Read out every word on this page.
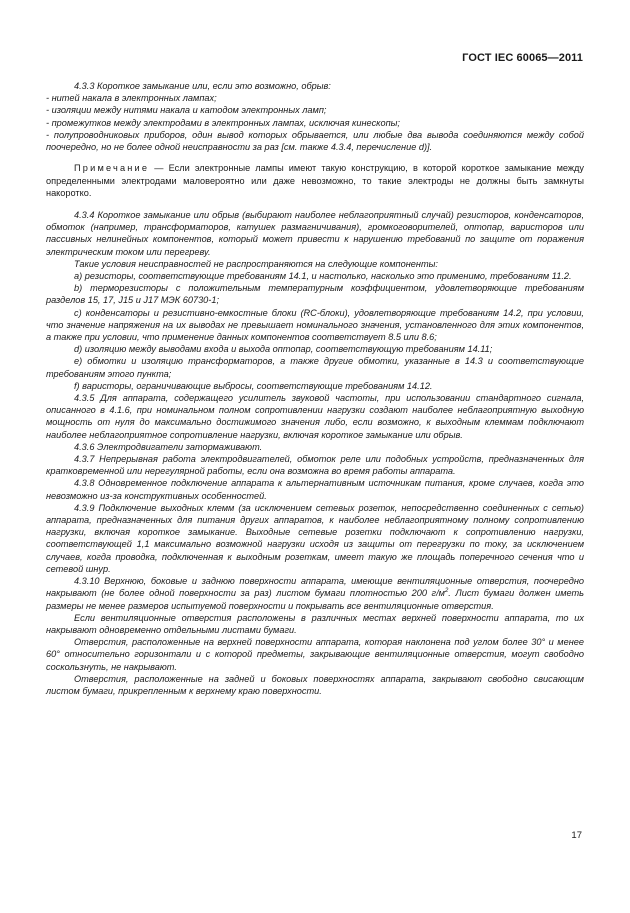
ГОСТ IEC 60065—2011

4.3.3 Короткое замыкание или, если это возможно, обрыв:

- нитей накала в электронных лампах;

- изоляции между нитями накала и катодом электронных ламп;

- промежутков между электродами в электронных лампах, исключая кинескопы;

- полупроводниковых приборов, один вывод которых обрывается, или любые два вывода соединяются между собой поочередно, но не более одной неисправности за раз [см. также 4.3.4, перечисление d)].

Примечание — Если электронные лампы имеют такую конструкцию, в которой короткое замыкание между определенными электродами маловероятно или даже невозможно, то такие электроды не должны быть замкнуты накоротко.

4.3.4 Короткое замыкание или обрыв (выбирают наиболее неблагоприятный случай) резисторов, конденсаторов, обмоток (например, трансформаторов, катушек размагничивания), громкоговорителей, оптопар, варисторов или пассивных нелинейных компонентов, который может привести к нарушению требований по защите от поражения электрическим током или перегреву.

Такие условия неисправностей не распространяются на следующие компоненты:

а) резисторы, соответствующие требованиям 14.1, и настолько, насколько это применимо, требованиям 11.2.

b) терморезисторы с положительным температурным коэффициентом, удовлетворяющие требованиям разделов 15, 17, J15 и J17 МЭК 60730-1;

c) конденсаторы и резистивно-емкостные блоки (RC-блоки), удовлетворяющие требованиям 14.2, при условии, что значение напряжения на их выводах не превышает номинального значения, установленного для этих компонентов, а также при условии, что применение данных компонентов соответствует 8.5 или 8.6;

d) изоляцию между выводами входа и выхода оптопар, соответствующую требованиям 14.11;

e) обмотки и изоляцию трансформаторов, а также другие обмотки, указанные в 14.3 и соответствующие требованиям этого пункта;

f) варисторы, ограничивающие выбросы, соответствующие требованиям 14.12.

4.3.5 Для аппарата, содержащего усилитель звуковой частоты, при использовании стандартного сигнала, описанного в 4.1.6, при номинальном полном сопротивлении нагрузки создают наиболее неблагоприятную выходную мощность от нуля до максимально достижимого значения либо, если возможно, к выходным клеммам подключают наиболее неблагоприятное сопротивление нагрузки, включая короткое замыкание или обрыв.

4.3.6 Электродвигатели затормаживают.

4.3.7 Непрерывная работа электродвигателей, обмоток реле или подобных устройств, предназначенных для кратковременной или нерегулярной работы, если она возможна во время работы аппарата.

4.3.8 Одновременное подключение аппарата к альтернативным источникам питания, кроме случаев, когда это невозможно из-за конструктивных особенностей.

4.3.9 Подключение выходных клемм (за исключением сетевых розеток, непосредственно соединенных с сетью) аппарата, предназначенных для питания других аппаратов, к наиболее неблагоприятному полному сопротивлению нагрузки, включая короткое замыкание. Выходные сетевые розетки подключают к сопротивлению нагрузки, соответствующей 1,1 максимально возможной нагрузки исходя из защиты от перегрузки по току, за исключением случаев, когда проводка, подключенная к выходным розеткам, имеет такую же площадь поперечного сечения что и сетевой шнур.

4.3.10 Верхнюю, боковые и заднюю поверхности аппарата, имеющие вентиляционные отверстия, поочередно накрывают (не более одной поверхности за раз) листом бумаги плотностью 200 $г/м^2$. Лист бумаги должен иметь размеры не менее размеров испытуемой поверхности и покрывать все вентиляционные отверстия.

Если вентиляционные отверстия расположены в различных местах верхней поверхности аппарата, то их накрывают одновременно отдельными листами бумаги.

Отверстия, расположенные на верхней поверхности аппарата, которая наклонена под углом более 30° и менее 60° относительно горизонтали и с которой предметы, закрывающие вентиляционные отверстия, могут свободно соскользнуть, не накрывают.

Отверстия, расположенные на задней и боковых поверхностях аппарата, закрывают свободно свисающим листом бумаги, прикрепленным к верхнему краю поверхности.

17
